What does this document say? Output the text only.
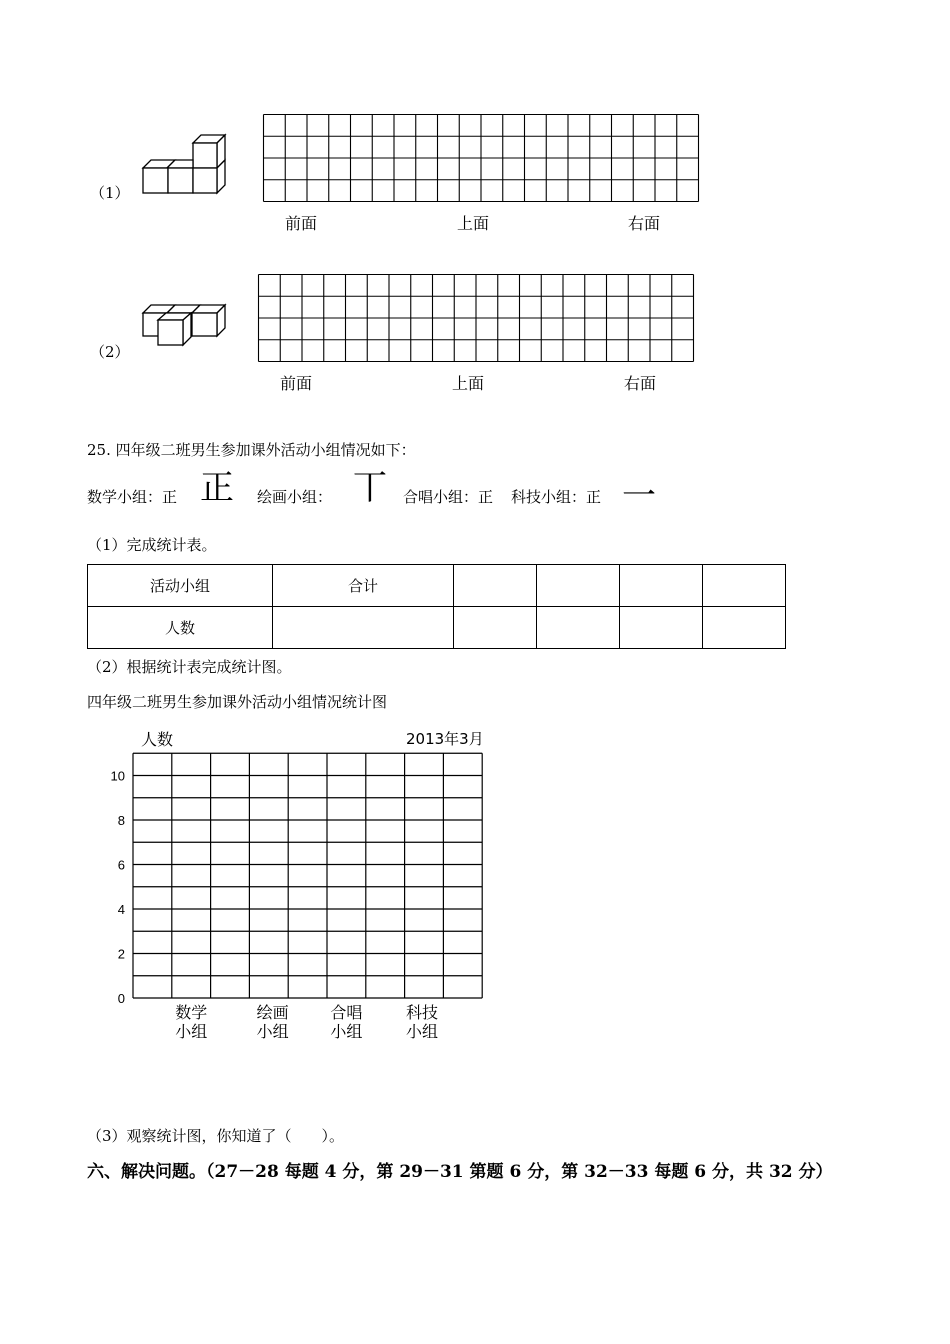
（1）
前面	上面	右面
（2）
前面	上面	右面
25. 四年级二班男生参加课外活动小组情况如下：
数学小组：正 正 绘画小组： 丅 合唱小组：正 科技小组：正 一
（1）完成统计表。
活动小组	合计				
人数					
（2）根据统计表完成统计图。
四年级二班男生参加课外活动小组情况统计图
人数	2013年3月
0
2
4
6
8
10
数学
小组
绘画
小组
合唱
小组
科技
小组
（3）观察统计图，你知道了（　　）。
六、解决问题。（27－28 每题 4 分，第 29－31 第题 6 分，第 32－33 每题 6 分，共 32 分）
